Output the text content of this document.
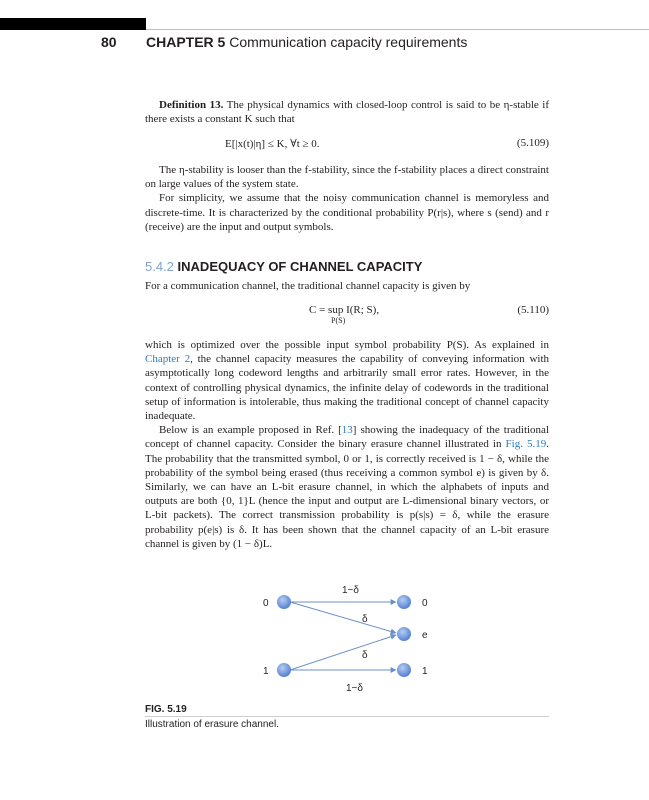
80 CHAPTER 5 Communication capacity requirements

Definition 13. The physical dynamics with closed-loop control is said to be η-stable if there exists a constant K such that

E[|x(t)|η] ≤ K, ∀t ≥ 0.	(5.109)

The η-stability is looser than the f-stability, since the f-stability places a direct constraint on large values of the system state.

For simplicity, we assume that the noisy communication channel is memoryless and discrete-time. It is characterized by the conditional probability P(r|s), where s (send) and r (receive) are the input and output symbols.

5.4.2 INADEQUACY OF CHANNEL CAPACITY

For a communication channel, the traditional channel capacity is given by

C = sup I(R; S),
P(S)
(5.110)

which is optimized over the possible input symbol probability P(S). As explained in Chapter 2, the channel capacity measures the capability of conveying information with asymptotically long codeword lengths and arbitrarily small error rates. However, in the context of controlling physical dynamics, the infinite delay of codewords in the traditional setup of information is intolerable, thus making the traditional concept of channel capacity inadequate.

Below is an example proposed in Ref. [13] showing the inadequacy of the traditional concept of channel capacity. Consider the binary erasure channel illustrated in Fig. 5.19. The probability that the transmitted symbol, 0 or 1, is correctly received is 1 − δ, while the probability of the symbol being erased (thus receiving a common symbol e) is given by δ. Similarly, we can have an L-bit erasure channel, in which the alphabets of inputs and outputs are both {0, 1}L (hence the input and output are L-dimensional binary vectors, or L-bit packets). The correct transmission probability is p(s|s) = δ, while the erasure probability p(e|s) is δ. It has been shown that the channel capacity of an L-bit erasure channel is given by (1 − δ)L.

0
1
0
e
1
1−δ
δ
δ
1−δ
FIG. 5.19
Illustration of erasure channel.
